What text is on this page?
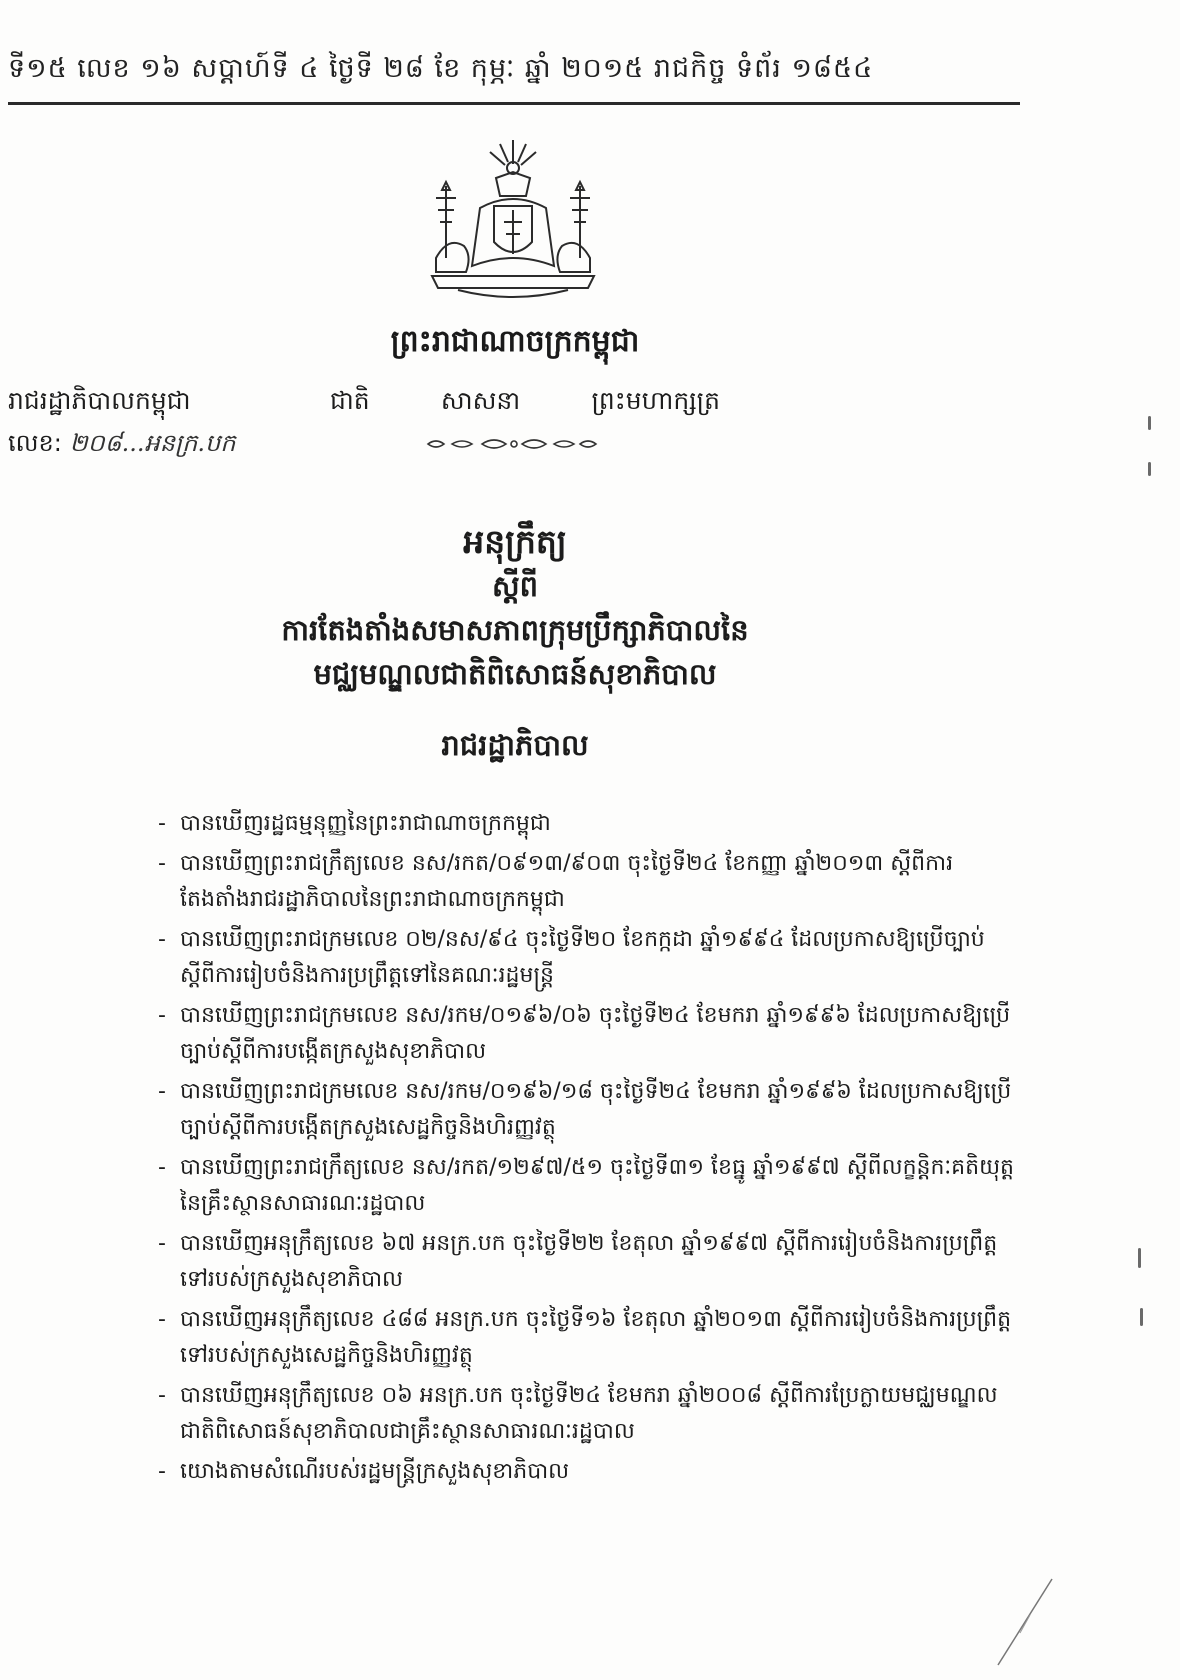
ទី១៥ លេខ ១៦ សប្តាហ៍ទី ៤ ថ្ងៃទី ២៨ ខែ កុម្ភៈ ឆ្នាំ ២០១៥ រាជកិច្ច ទំព័រ ១៨៥៤
ព្រះរាជាណាចក្រកម្ពុជា
រាជរដ្ឋាភិបាលកម្ពុជា	ជាតិ	សាសនា	ព្រះមហាក្សត្រ
លេខ: ២០៨...អនក្រ.បក
អនុក្រឹត្យ
ស្តីពី
ការតែងតាំងសមាសភាពក្រុមប្រឹក្សាភិបាលនៃ
មជ្ឈមណ្ឌលជាតិពិសោធន៍សុខាភិបាល
រាជរដ្ឋាភិបាល
- បានឃើញរដ្ឋធម្មនុញ្ញនៃព្រះរាជាណាចក្រកម្ពុជា
- បានឃើញព្រះរាជក្រឹត្យលេខ នស/រកត/០៩១៣/៩០៣ ចុះថ្ងៃទី២៤ ខែកញ្ញា ឆ្នាំ២០១៣ ស្តីពីការតែងតាំងរាជរដ្ឋាភិបាលនៃព្រះរាជាណាចក្រកម្ពុជា
- បានឃើញព្រះរាជក្រមលេខ ០២/នស/៩៤ ចុះថ្ងៃទី២០ ខែកក្កដា ឆ្នាំ១៩៩៤ ដែលប្រកាសឱ្យប្រើច្បាប់ស្តីពីការរៀបចំនិងការប្រព្រឹត្តទៅនៃគណៈរដ្ឋមន្ត្រី
- បានឃើញព្រះរាជក្រមលេខ នស/រកម/០១៩៦/០៦ ចុះថ្ងៃទី២៤ ខែមករា ឆ្នាំ១៩៩៦ ដែលប្រកាសឱ្យប្រើច្បាប់ស្តីពីការបង្កើតក្រសួងសុខាភិបាល
- បានឃើញព្រះរាជក្រមលេខ នស/រកម/០១៩៦/១៨ ចុះថ្ងៃទី២៤ ខែមករា ឆ្នាំ១៩៩៦ ដែលប្រកាសឱ្យប្រើច្បាប់ស្តីពីការបង្កើតក្រសួងសេដ្ឋកិច្ចនិងហិរញ្ញវត្ថុ
- បានឃើញព្រះរាជក្រឹត្យលេខ នស/រកត/១២៩៧/៥១ ចុះថ្ងៃទី៣១ ខែធ្នូ ឆ្នាំ១៩៩៧ ស្តីពីលក្ខន្តិកៈគតិយុត្តនៃគ្រឹះស្ថានសាធារណៈរដ្ឋបាល
- បានឃើញអនុក្រឹត្យលេខ ៦៧ អនក្រ.បក ចុះថ្ងៃទី២២ ខែតុលា ឆ្នាំ១៩៩៧ ស្តីពីការរៀបចំនិងការប្រព្រឹត្តទៅរបស់ក្រសួងសុខាភិបាល
- បានឃើញអនុក្រឹត្យលេខ ៤៨៨ អនក្រ.បក ចុះថ្ងៃទី១៦ ខែតុលា ឆ្នាំ២០១៣ ស្តីពីការរៀបចំនិងការប្រព្រឹត្តទៅរបស់ក្រសួងសេដ្ឋកិច្ចនិងហិរញ្ញវត្ថុ
- បានឃើញអនុក្រឹត្យលេខ ០៦ អនក្រ.បក ចុះថ្ងៃទី២៤ ខែមករា ឆ្នាំ២០០៨ ស្តីពីការប្រែក្លាយមជ្ឈមណ្ឌលជាតិពិសោធន៍សុខាភិបាលជាគ្រឹះស្ថានសាធារណៈរដ្ឋបាល
- យោងតាមសំណើរបស់រដ្ឋមន្ត្រីក្រសួងសុខាភិបាល
